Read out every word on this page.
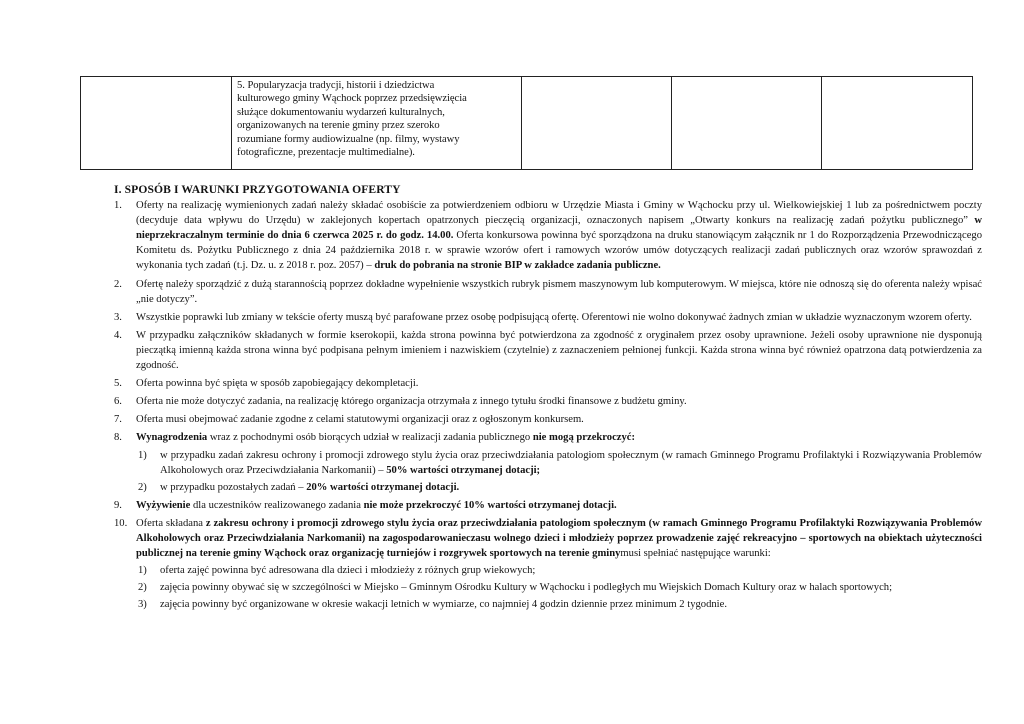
5. Popularyzacja tradycji, historii i dziedzictwa
kulturowego gminy Wąchock poprzez przedsięwzięcia
służące dokumentowaniu wydarzeń kulturalnych,
organizowanych na terenie gminy przez szeroko
rozumiane formy audiowizualne (np. filmy, wystawy
fotograficzne, prezentacje multimedialne).

I. SPOSÓB I WARUNKI PRZYGOTOWANIA OFERTY
1. Oferty na realizację wymienionych zadań należy składać osobiście za potwierdzeniem odbioru w Urzędzie Miasta i Gminy w Wąchocku przy ul. Wielkowiejskiej 1 lub za pośrednictwem poczty (decyduje data wpływu do Urzędu) w zaklejonych kopertach opatrzonych pieczęcią organizacji, oznaczonych napisem „Otwarty konkurs na realizację zadań pożytku publicznego” w nieprzekraczalnym terminie do dnia 6 czerwca 2025 r. do godz. 14.00. Oferta konkursowa powinna być sporządzona na druku stanowiącym załącznik nr 1 do Rozporządzenia Przewodniczącego Komitetu ds. Pożytku Publicznego z dnia 24 października 2018 r. w sprawie wzorów ofert i ramowych wzorów umów dotyczących realizacji zadań publicznych oraz wzorów sprawozdań z wykonania tych zadań (t.j. Dz. u. z 2018 r. poz. 2057) – druk do pobrania na stronie BIP w zakładce zadania publiczne.
2. Ofertę należy sporządzić z dużą starannością poprzez dokładne wypełnienie wszystkich rubryk pismem maszynowym lub komputerowym. W miejsca, które nie odnoszą się do oferenta należy wpisać „nie dotyczy”.
3. Wszystkie poprawki lub zmiany w tekście oferty muszą być parafowane przez osobę podpisującą ofertę. Oferentowi nie wolno dokonywać żadnych zmian w układzie wyznaczonym wzorem oferty.
4. W przypadku załączników składanych w formie kserokopii, każda strona powinna być potwierdzona za zgodność z oryginałem przez osoby uprawnione. Jeżeli osoby uprawnione nie dysponują pieczątką imienną każda strona winna być podpisana pełnym imieniem i nazwiskiem (czytelnie) z zaznaczeniem pełnionej funkcji. Każda strona winna być również opatrzona datą potwierdzenia za zgodność.
5. Oferta powinna być spięta w sposób zapobiegający dekompletacji.
6. Oferta nie może dotyczyć zadania, na realizację którego organizacja otrzymała z innego tytułu środki finansowe z budżetu gminy.
7. Oferta musi obejmować zadanie zgodne z celami statutowymi organizacji oraz z ogłoszonym konkursem.
8. Wynagrodzenia wraz z pochodnymi osób biorących udział w realizacji zadania publicznego nie mogą przekroczyć:
1) w przypadku zadań zakresu ochrony i promocji zdrowego stylu życia oraz przeciwdziałania patologiom społecznym (w ramach Gminnego Programu Profilaktyki i Rozwiązywania Problemów Alkoholowych oraz Przeciwdziałania Narkomanii) – 50% wartości otrzymanej dotacji;
2) w przypadku pozostałych zadań – 20% wartości otrzymanej dotacji.
9. Wyżywienie dla uczestników realizowanego zadania nie może przekroczyć 10% wartości otrzymanej dotacji.
10. Oferta składana z zakresu ochrony i promocji zdrowego stylu życia oraz przeciwdziałania patologiom społecznym (w ramach Gminnego Programu Profilaktyki Rozwiązywania Problemów Alkoholowych oraz Przeciwdziałania Narkomanii) na zagospodarowanieczasu wolnego dzieci i młodzieży poprzez prowadzenie zajęć rekreacyjno – sportowych na obiektach użyteczności publicznej na terenie gminy Wąchock oraz organizację turniejów i rozgrywek sportowych na terenie gminymusi spełniać następujące warunki:
1) oferta zajęć powinna być adresowana dla dzieci i młodzieży z różnych grup wiekowych;
2) zajęcia powinny obywać się w szczególności w Miejsko – Gminnym Ośrodku Kultury w Wąchocku i podległych mu Wiejskich Domach Kultury oraz w halach sportowych;
3) zajęcia powinny być organizowane w okresie wakacji letnich w wymiarze, co najmniej 4 godzin dziennie przez minimum 2 tygodnie.
